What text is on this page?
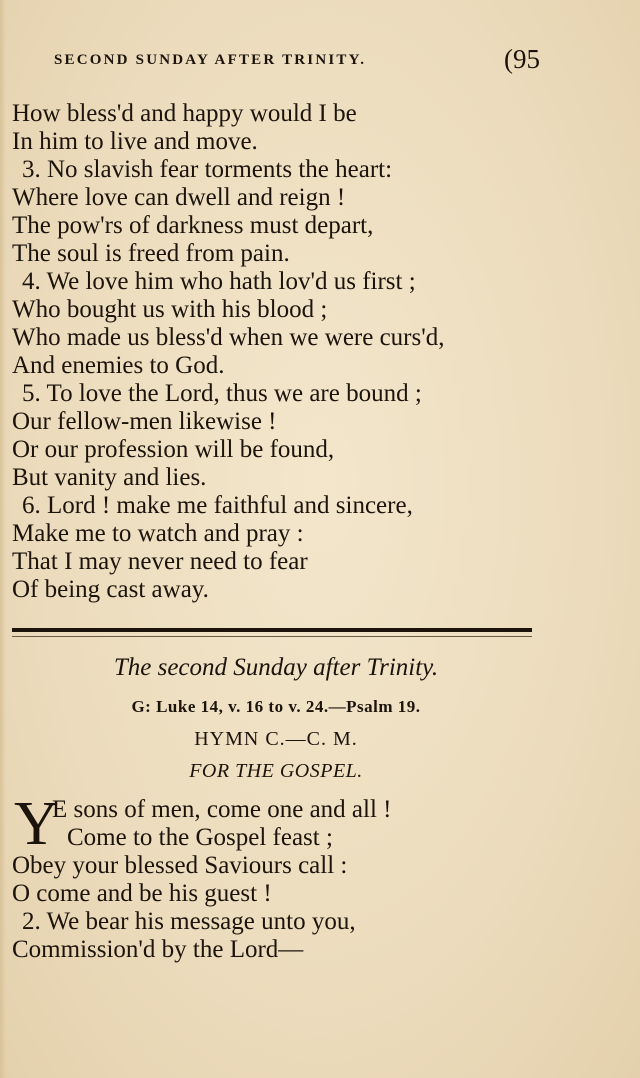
SECOND SUNDAY AFTER TRINITY.	(95
How bless'd and happy would I be
In him to live and move.
3. No slavish fear torments the heart:
Where love can dwell and reign !
The pow'rs of darkness must depart,
The soul is freed from pain.
4. We love him who hath lov'd us first ;
Who bought us with his blood ;
Who made us bless'd when we were curs'd,
And enemies to God.
5. To love the Lord, thus we are bound ;
Our fellow-men likewise !
Or our profession will be found,
But vanity and lies.
6. Lord ! make me faithful and sincere,
Make me to watch and pray :
That I may never need to fear
Of being cast away.
The second Sunday after Trinity.
G: Luke 14, v. 16 to v. 24.—Psalm 19.
HYMN C.—C. M.
FOR THE GOSPEL.
Y
E sons of men, come one and all !
Come to the Gospel feast ;
Obey your blessed Saviours call :
O come and be his guest !
2. We bear his message unto you,
Commission'd by the Lord—
